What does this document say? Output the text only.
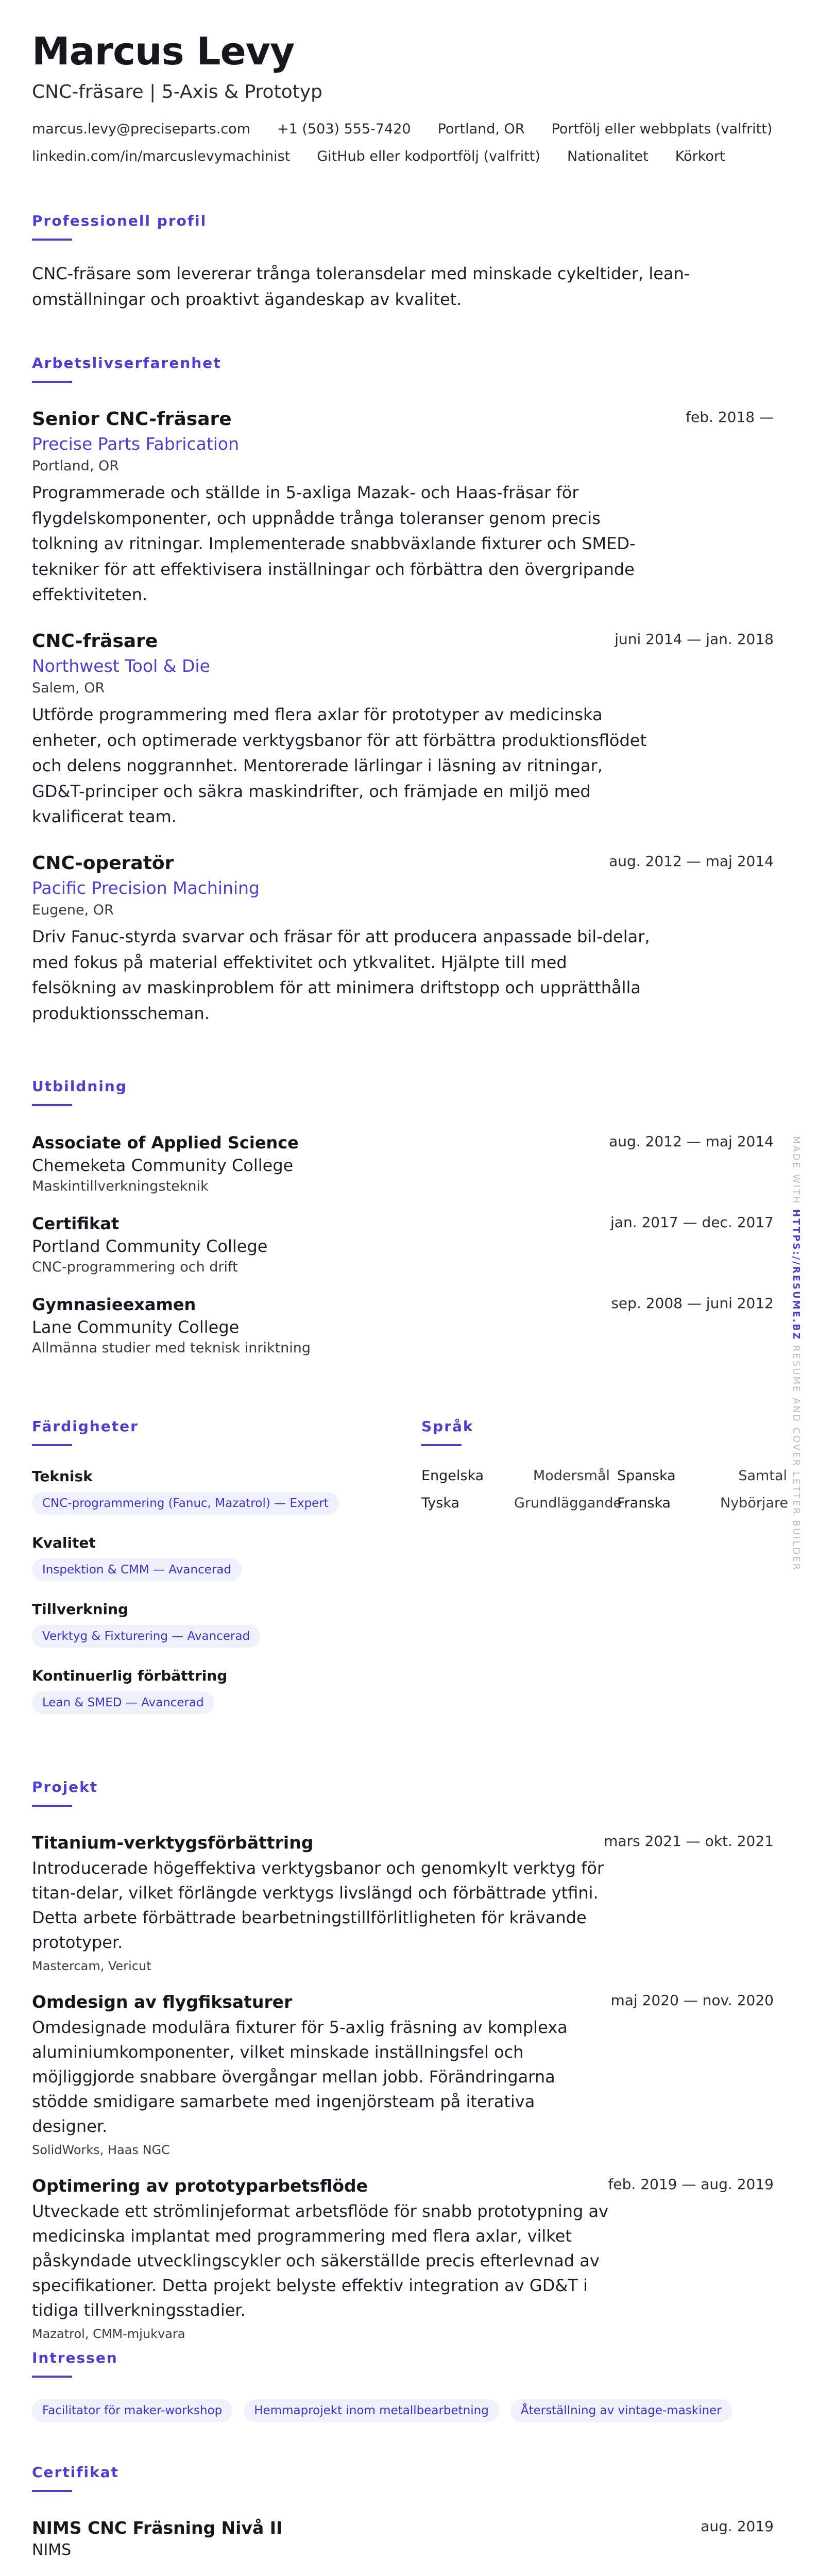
Marcus Levy
CNC-fräsare | 5-Axis & Prototyp
marcus.levy@preciseparts.com +1 (503) 555-7420 Portland, OR Portfölj eller webbplats (valfritt)
linkedin.com/in/marcuslevymachinist GitHub eller kodportfölj (valfritt) Nationalitet Körkort
Professionell profil
CNC-fräsare som levererar trånga toleransdelar med minskade cykeltider, lean-omställningar och proaktivt ägandeskap av kvalitet.
Arbetslivserfarenhet
Senior CNC-fräsare	feb. 2018 —
Precise Parts Fabrication
Portland, OR
Programmerade och ställde in 5-axliga Mazak- och Haas-fräsar för flygdelskomponenter, och uppnådde trånga toleranser genom precis tolkning av ritningar. Implementerade snabbväxlande fixturer och SMED-tekniker för att effektivisera inställningar och förbättra den övergripande effektiviteten.
CNC-fräsare	juni 2014 — jan. 2018
Northwest Tool & Die
Salem, OR
Utförde programmering med flera axlar för prototyper av medicinska enheter, och optimerade verktygsbanor för att förbättra produktionsflödet och delens noggrannhet. Mentorerade lärlingar i läsning av ritningar, GD&T-principer och säkra maskindrifter, och främjade en miljö med kvalificerat team.
CNC-operatör	aug. 2012 — maj 2014
Pacific Precision Machining
Eugene, OR
Driv Fanuc-styrda svarvar och fräsar för att producera anpassade bil-delar, med fokus på material effektivitet och ytkvalitet. Hjälpte till med felsökning av maskinproblem för att minimera driftstopp och upprätthålla produktionsscheman.
Utbildning
Associate of Applied Science	aug. 2012 — maj 2014
Chemeketa Community College
Maskintillverkningsteknik
Certifikat	jan. 2017 — dec. 2017
Portland Community College
CNC-programmering och drift
Gymnasieexamen	sep. 2008 — juni 2012
Lane Community College
Allmänna studier med teknisk inriktning
Färdigheter
Teknisk
CNC-programmering (Fanuc, Mazatrol) — Expert
Kvalitet
Inspektion & CMM — Avancerad
Tillverkning
Verktyg & Fixturering — Avancerad
Kontinuerlig förbättring
Lean & SMED — Avancerad
Språk
Engelska	Modersmål Spanska	Samtal
Tyska	Grundläggande
Franska	Nybörjare
Projekt
Titanium-verktygsförbättring	mars 2021 — okt. 2021
Introducerade högeffektiva verktygsbanor och genomkylt verktyg för titan-delar, vilket förlängde verktygs livslängd och förbättrade ytfini. Detta arbete förbättrade bearbetningstillförlitligheten för krävande prototyper.
Mastercam, Vericut
Omdesign av flygfiksaturer	maj 2020 — nov. 2020
Omdesignade modulära fixturer för 5-axlig fräsning av komplexa aluminiumkomponenter, vilket minskade inställningsfel och möjliggjorde snabbare övergångar mellan jobb. Förändringarna stödde smidigare samarbete med ingenjörsteam på iterativa designer.
SolidWorks, Haas NGC
Optimering av prototyparbetsflöde	feb. 2019 — aug. 2019
Utveckade ett strömlinjeformat arbetsflöde för snabb prototypning av medicinska implantat med programmering med flera axlar, vilket påskyndade utvecklingscykler och säkerställde precis efterlevnad av specifikationer. Detta projekt belyste effektiv integration av GD&T i tidiga tillverkningsstadier.
Mazatrol, CMM-mjukvara
Intressen
Facilitator för maker-workshop	Hemmaprojekt inom metallbearbetning	Återställning av vintage-maskiner
Certifikat
NIMS CNC Fräsning Nivå II	aug. 2019
NIMS
MADE WITH HTTPS://RESUME.BZ RESUME AND COVER LETTER BUILDER
